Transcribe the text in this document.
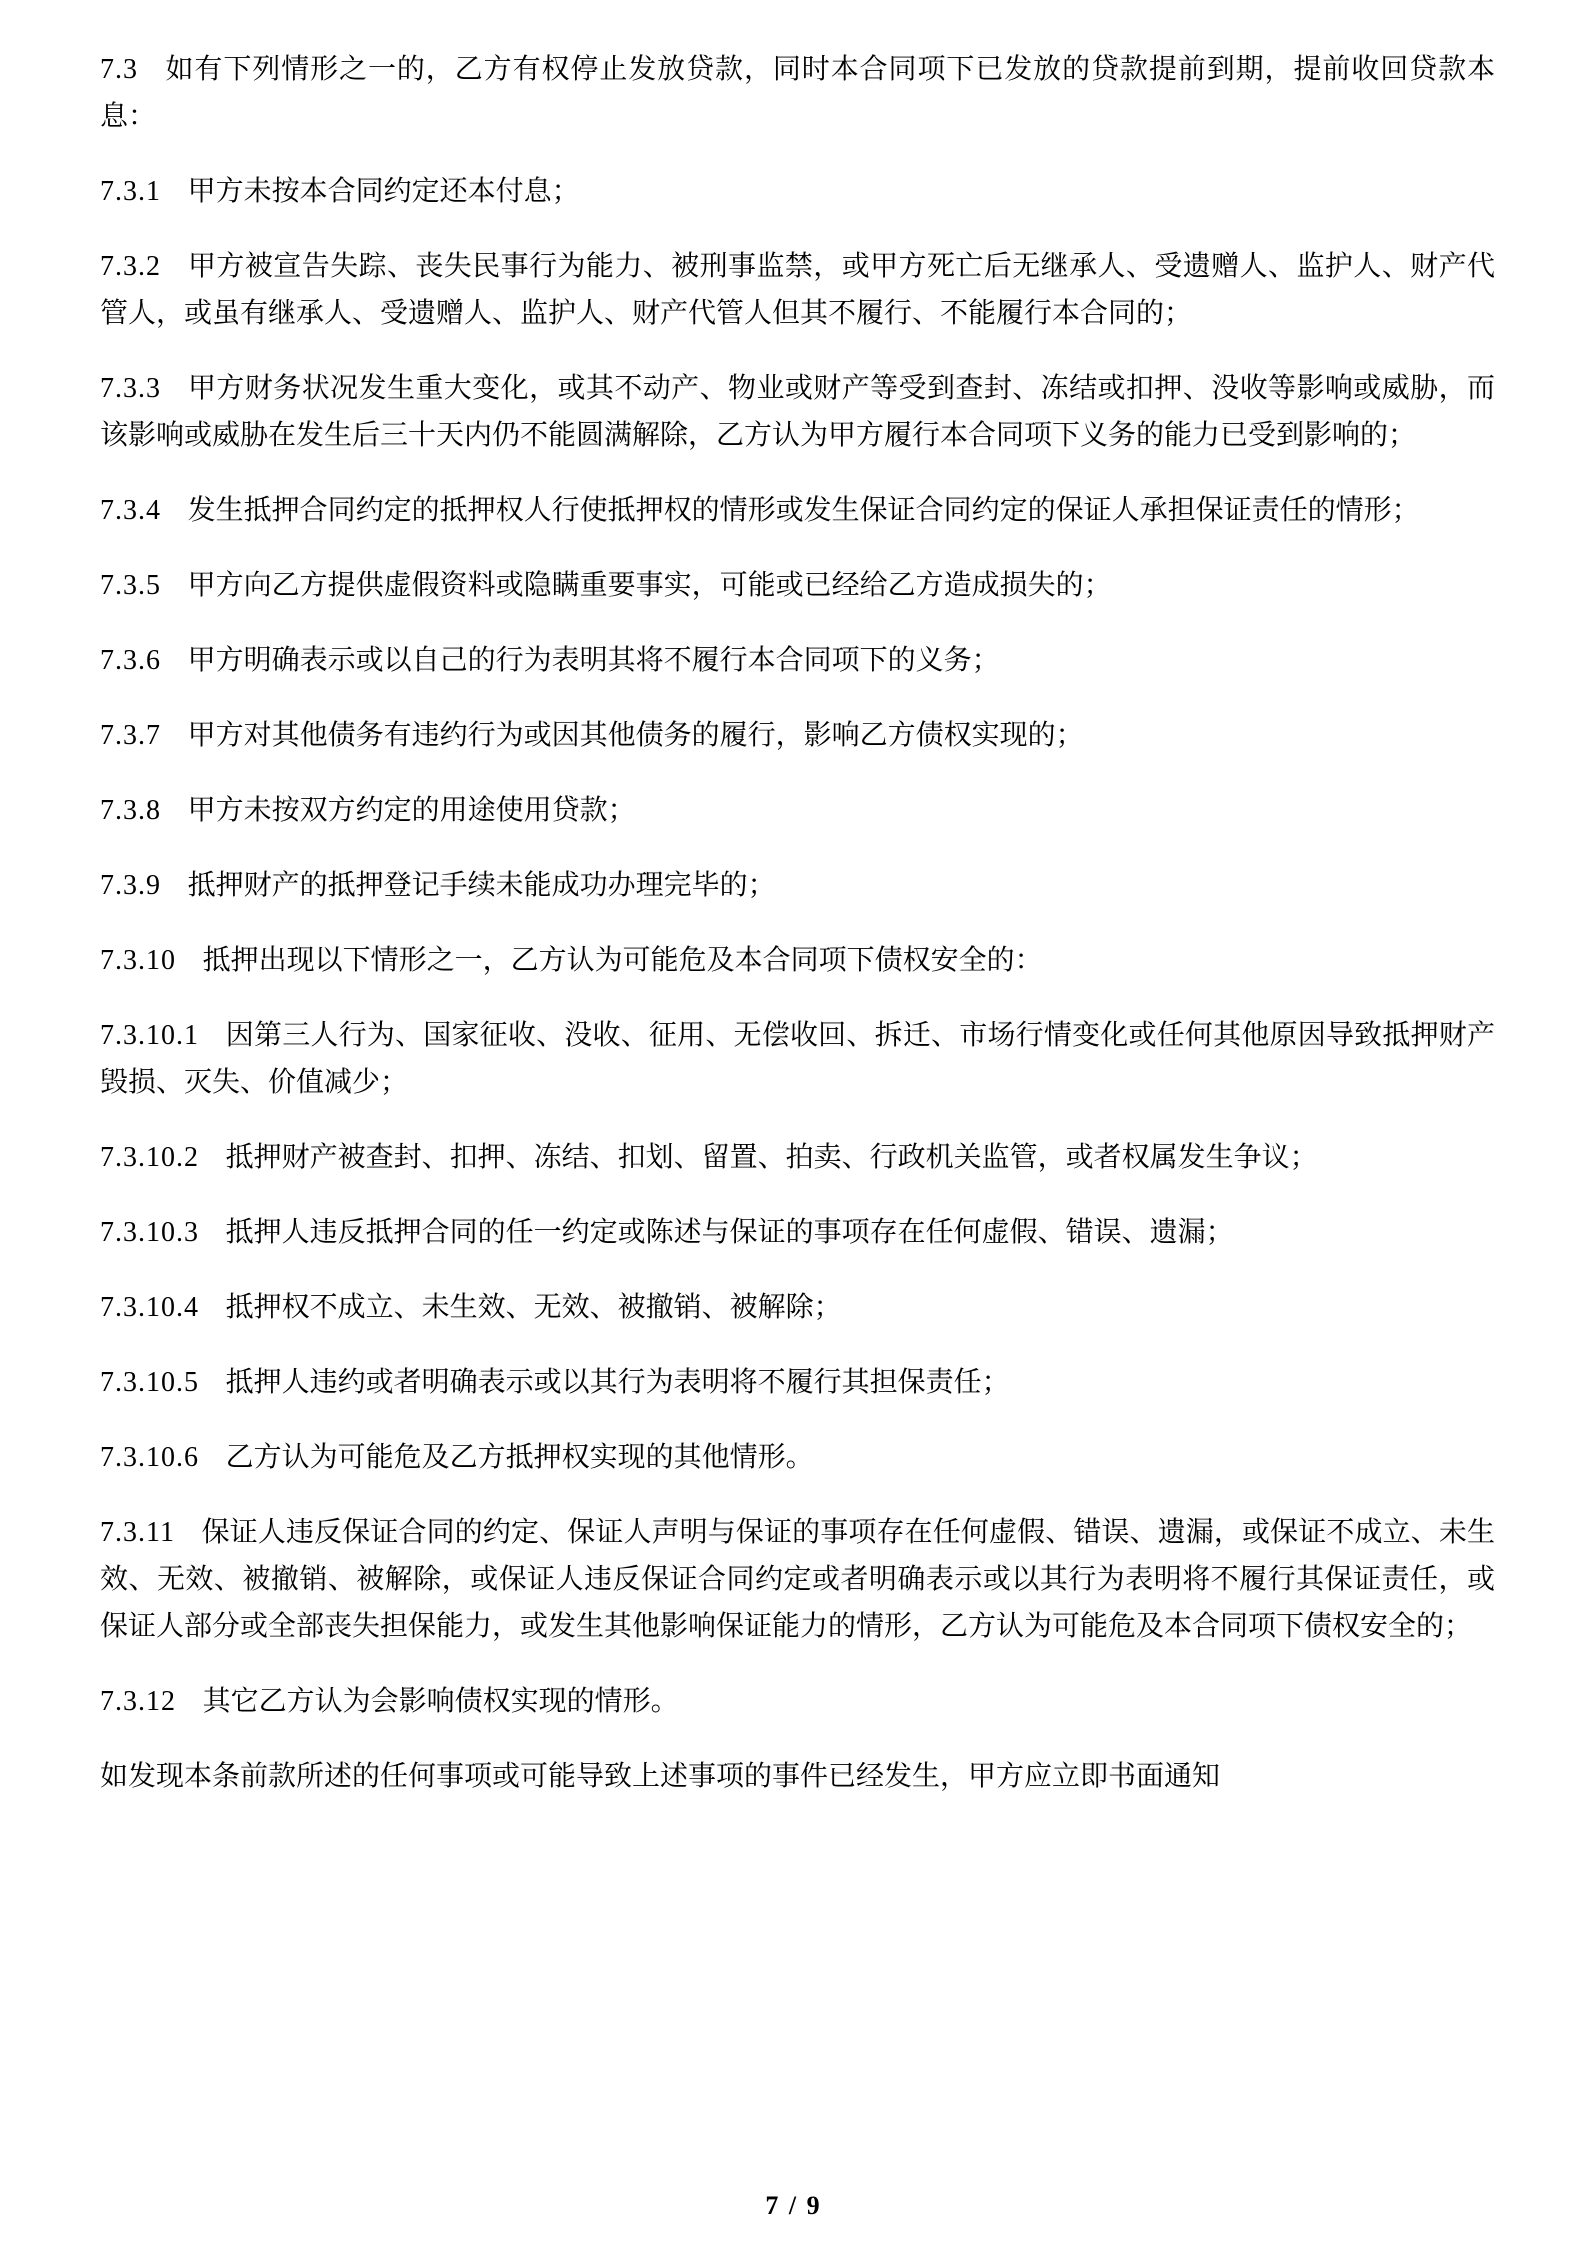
7.3 如有下列情形之一的，乙方有权停止发放贷款，同时本合同项下已发放的贷款提前到期，提前收回贷款本息：

7.3.1 甲方未按本合同约定还本付息；

7.3.2 甲方被宣告失踪、丧失民事行为能力、被刑事监禁，或甲方死亡后无继承人、受遗赠人、监护人、财产代管人，或虽有继承人、受遗赠人、监护人、财产代管人但其不履行、不能履行本合同的；

7.3.3 甲方财务状况发生重大变化，或其不动产、物业或财产等受到查封、冻结或扣押、没收等影响或威胁，而该影响或威胁在发生后三十天内仍不能圆满解除，乙方认为甲方履行本合同项下义务的能力已受到影响的；

7.3.4 发生抵押合同约定的抵押权人行使抵押权的情形或发生保证合同约定的保证人承担保证责任的情形；

7.3.5 甲方向乙方提供虚假资料或隐瞒重要事实，可能或已经给乙方造成损失的；

7.3.6 甲方明确表示或以自己的行为表明其将不履行本合同项下的义务；

7.3.7 甲方对其他债务有违约行为或因其他债务的履行，影响乙方债权实现的；

7.3.8 甲方未按双方约定的用途使用贷款；

7.3.9 抵押财产的抵押登记手续未能成功办理完毕的；

7.3.10 抵押出现以下情形之一，乙方认为可能危及本合同项下债权安全的：

7.3.10.1 因第三人行为、国家征收、没收、征用、无偿收回、拆迁、市场行情变化或任何其他原因导致抵押财产毁损、灭失、价值减少；

7.3.10.2 抵押财产被查封、扣押、冻结、扣划、留置、拍卖、行政机关监管，或者权属发生争议；

7.3.10.3 抵押人违反抵押合同的任一约定或陈述与保证的事项存在任何虚假、错误、遗漏；

7.3.10.4 抵押权不成立、未生效、无效、被撤销、被解除；

7.3.10.5 抵押人违约或者明确表示或以其行为表明将不履行其担保责任；

7.3.10.6 乙方认为可能危及乙方抵押权实现的其他情形。

7.3.11 保证人违反保证合同的约定、保证人声明与保证的事项存在任何虚假、错误、遗漏，或保证不成立、未生效、无效、被撤销、被解除，或保证人违反保证合同约定或者明确表示或以其行为表明将不履行其保证责任，或保证人部分或全部丧失担保能力，或发生其他影响保证能力的情形，乙方认为可能危及本合同项下债权安全的；

7.3.12 其它乙方认为会影响债权实现的情形。

如发现本条前款所述的任何事项或可能导致上述事项的事件已经发生，甲方应立即书面通知

7 / 9
